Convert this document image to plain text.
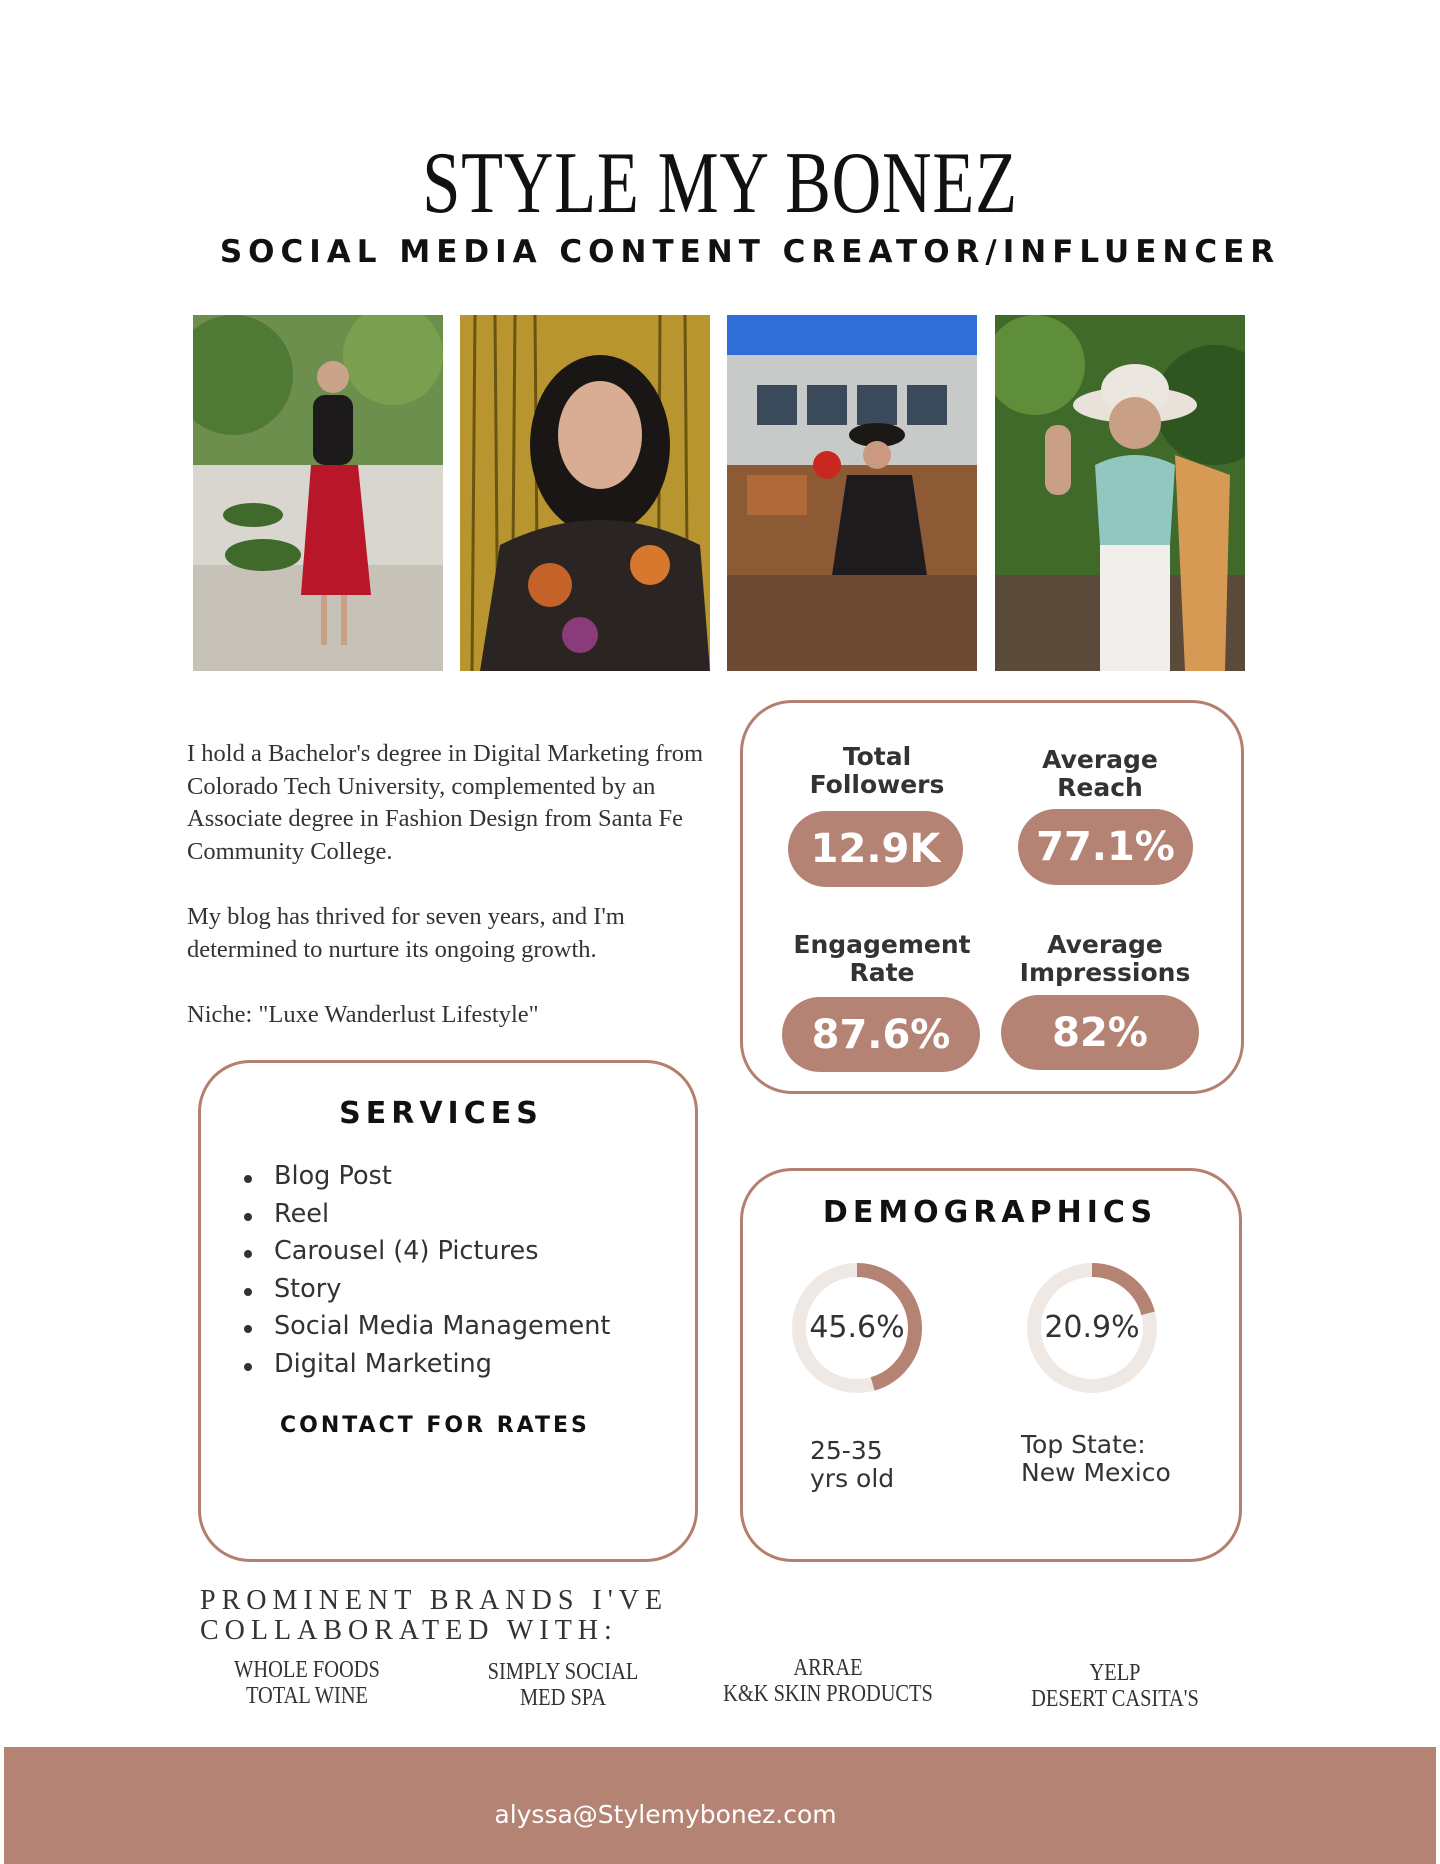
STYLE MY BONEZ
SOCIAL MEDIA CONTENT CREATOR/INFLUENCER

I hold a Bachelor's degree in Digital Marketing from Colorado Tech University, complemented by an Associate degree in Fashion Design from Santa Fe Community College.

My blog has thrived for seven years, and I'm determined to nurture its ongoing growth.

Niche: "Luxe Wanderlust Lifestyle"

Total
Followers
12.9K
Average
Reach
77.1%
Engagement
Rate
87.6%
Average
Impressions
82%
SERVICES
Blog Post
Reel
Carousel (4) Pictures
Story
Social Media Management
Digital Marketing
CONTACT FOR RATES
DEMOGRAPHICS
45.6%
25-35
yrs old
20.9%
Top State:
New Mexico
PROMINENT BRANDS I'VE
COLLABORATED WITH:
WHOLE FOODS
TOTAL WINE
SIMPLY SOCIAL
MED SPA
ARRAE
K&K SKIN PRODUCTS
YELP
DESERT CASITA'S
alyssa@Stylemybonez.com
